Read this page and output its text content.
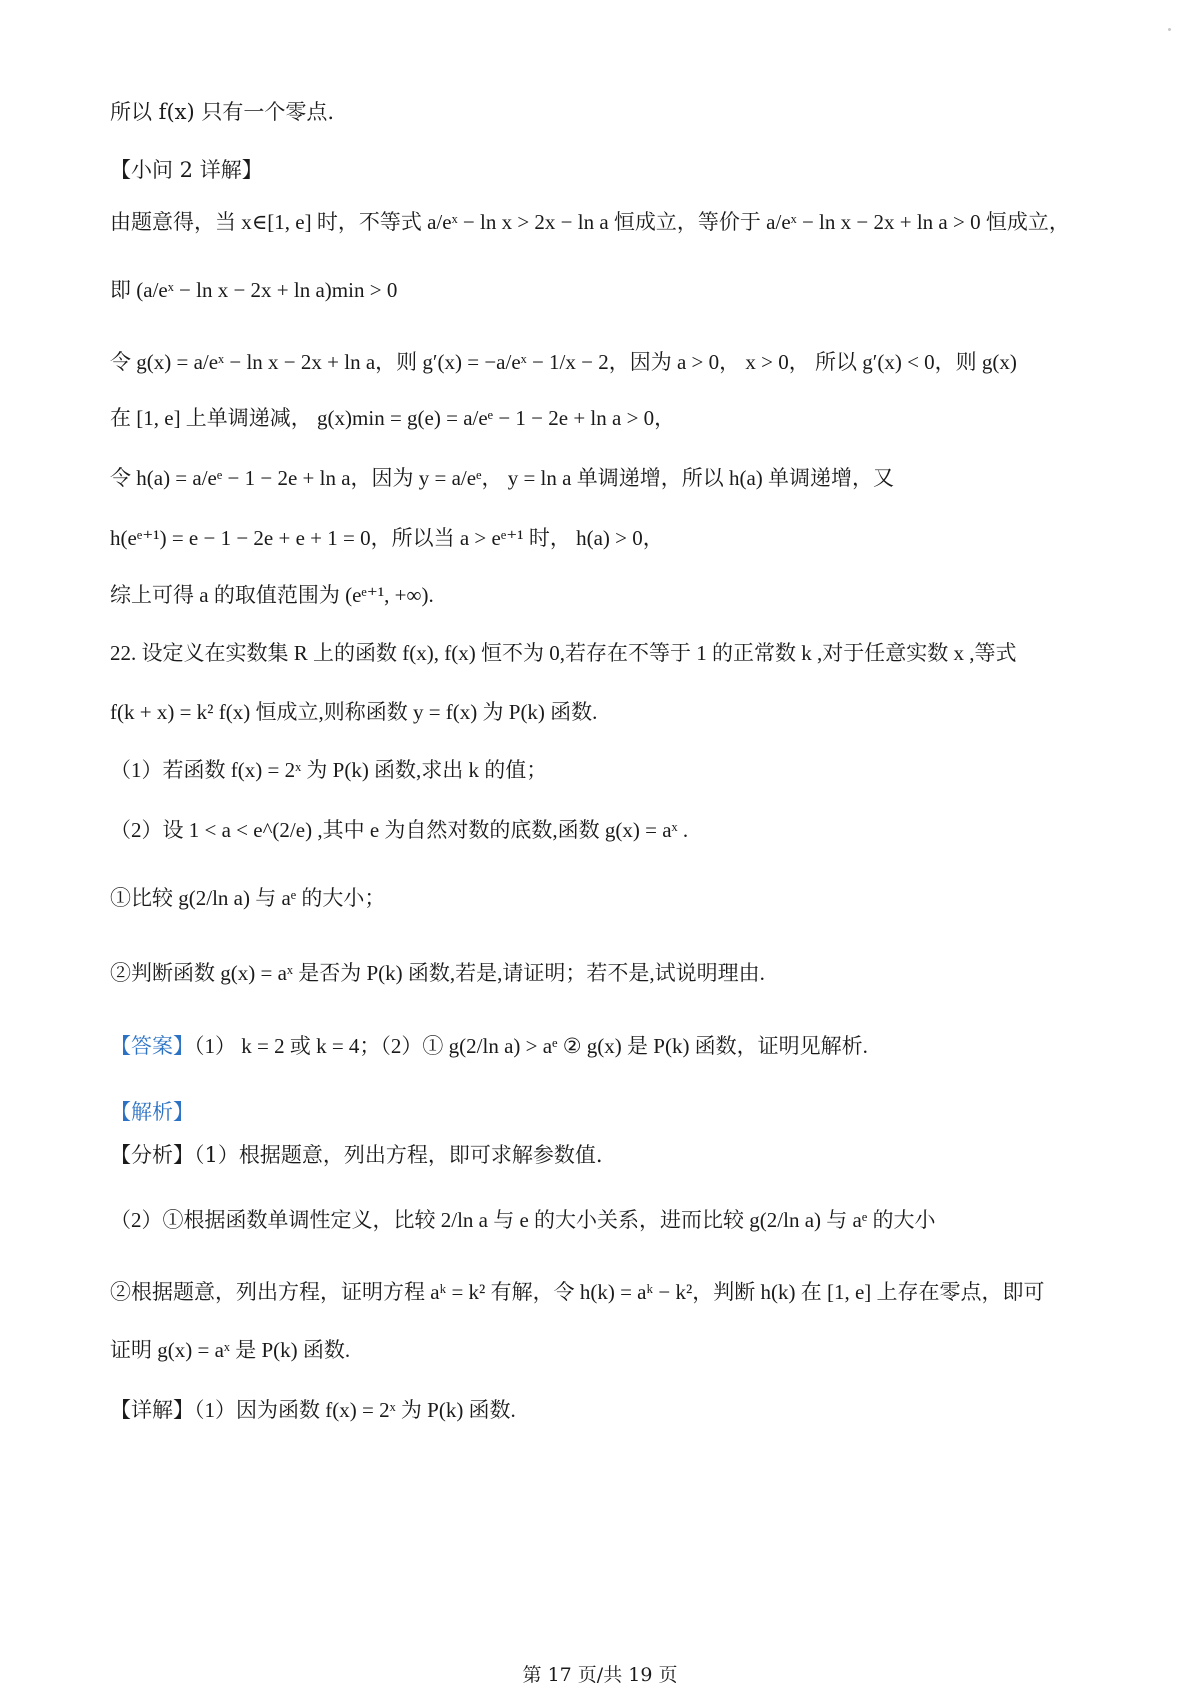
所以 f(x) 只有一个零点.
【小问 2 详解】
由题意得，当 x∈[1, e] 时，不等式 a/eˣ − ln x > 2x − ln a 恒成立，等价于 a/eˣ − ln x − 2x + ln a > 0 恒成立，
即 (a/eˣ − ln x − 2x + ln a)min > 0
令 g(x) = a/eˣ − ln x − 2x + ln a，则 g′(x) = −a/eˣ − 1/x − 2，因为 a > 0， x > 0， 所以 g′(x) < 0，则 g(x)
在 [1, e] 上单调递减， g(x)min = g(e) = a/eᵉ − 1 − 2e + ln a > 0，
令 h(a) = a/eᵉ − 1 − 2e + ln a，因为 y = a/eᵉ， y = ln a 单调递增，所以 h(a) 单调递增，又
h(eᵉ⁺¹) = e − 1 − 2e + e + 1 = 0，所以当 a > eᵉ⁺¹ 时， h(a) > 0，
综上可得 a 的取值范围为 (eᵉ⁺¹, +∞).
22. 设定义在实数集 R 上的函数 f(x), f(x) 恒不为 0,若存在不等于 1 的正常数 k ,对于任意实数 x ,等式
f(k + x) = k² f(x) 恒成立,则称函数 y = f(x) 为 P(k) 函数.
（1）若函数 f(x) = 2ˣ 为 P(k) 函数,求出 k 的值；
（2）设 1 < a < e^(2/e) ,其中 e 为自然对数的底数,函数 g(x) = aˣ .
①比较 g(2/ln a) 与 aᵉ 的大小；
②判断函数 g(x) = aˣ 是否为 P(k) 函数,若是,请证明；若不是,试说明理由.
【答案】（1） k = 2 或 k = 4；（2）① g(2/ln a) > aᵉ ② g(x) 是 P(k) 函数，证明见解析.
【解析】
【分析】（1）根据题意，列出方程，即可求解参数值.
（2）①根据函数单调性定义，比较 2/ln a 与 e 的大小关系，进而比较 g(2/ln a) 与 aᵉ 的大小
②根据题意，列出方程，证明方程 aᵏ = k² 有解，令 h(k) = aᵏ − k²，判断 h(k) 在 [1, e] 上存在零点，即可
证明 g(x) = aˣ 是 P(k) 函数.
【详解】（1）因为函数 f(x) = 2ˣ 为 P(k) 函数.
第 17 页/共 19 页
